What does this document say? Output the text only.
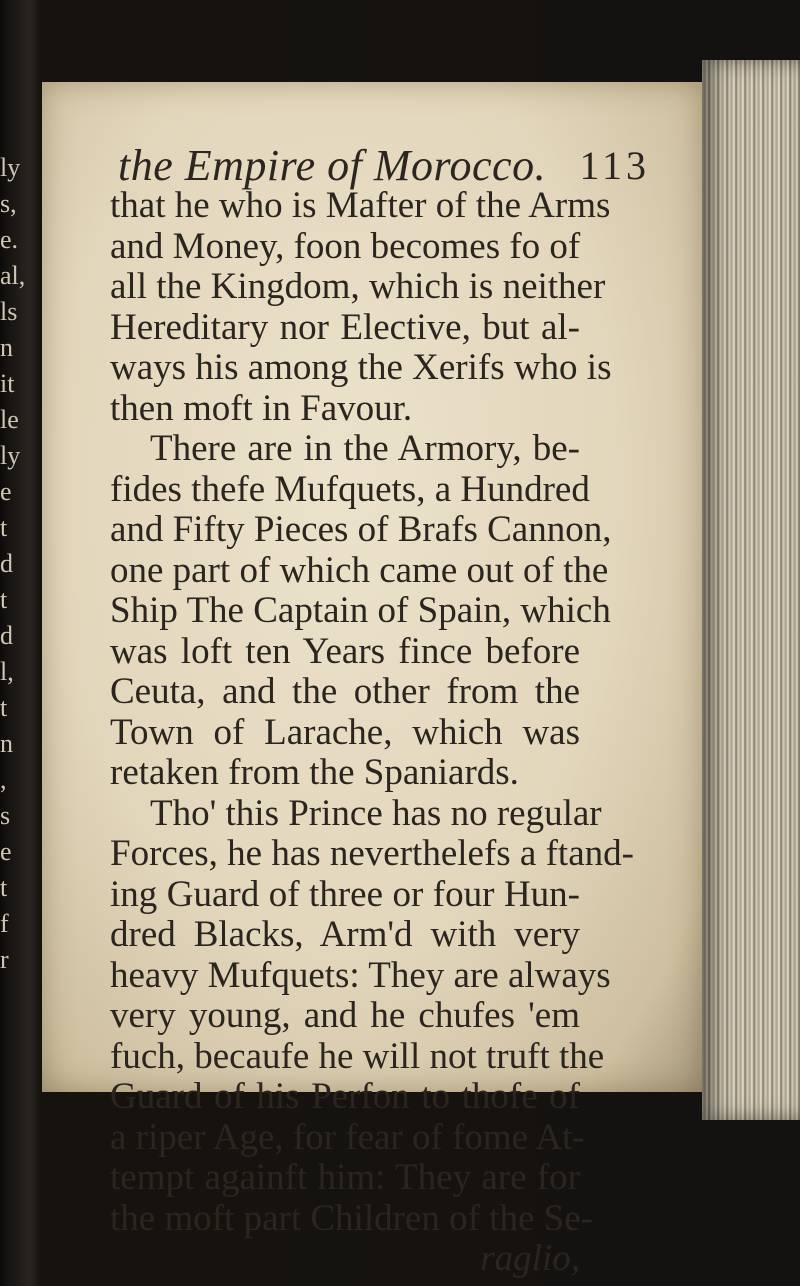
ly
s,
e.
al,
ls
n
it
le
ly
e
t
d
t
d
l,
t
n
,
s
e
t
f
r
the Empire of Morocco. 113
that he who is Mafter of the Arms
and Money, foon becomes fo of
all the Kingdom, which is neither
Hereditary nor Elective, but al-
ways his among the Xerifs who is
then moft in Favour.
There are in the Armory, be-
fides thefe Mufquets, a Hundred
and Fifty Pieces of Brafs Cannon,
one part of which came out of the
Ship The Captain of Spain, which
was loft ten Years fince before
Ceuta, and the other from the
Town of Larache, which was
retaken from the Spaniards.
Tho' this Prince has no regular
Forces, he has neverthelefs a ftand-
ing Guard of three or four Hun-
dred Blacks, Arm'd with very
heavy Mufquets: They are always
very young, and he chufes 'em
fuch, becaufe he will not truft the
Guard of his Perfon to thofe of
a riper Age, for fear of fome At-
tempt againft him: They are for
the moft part Children of the Se-
raglio,
